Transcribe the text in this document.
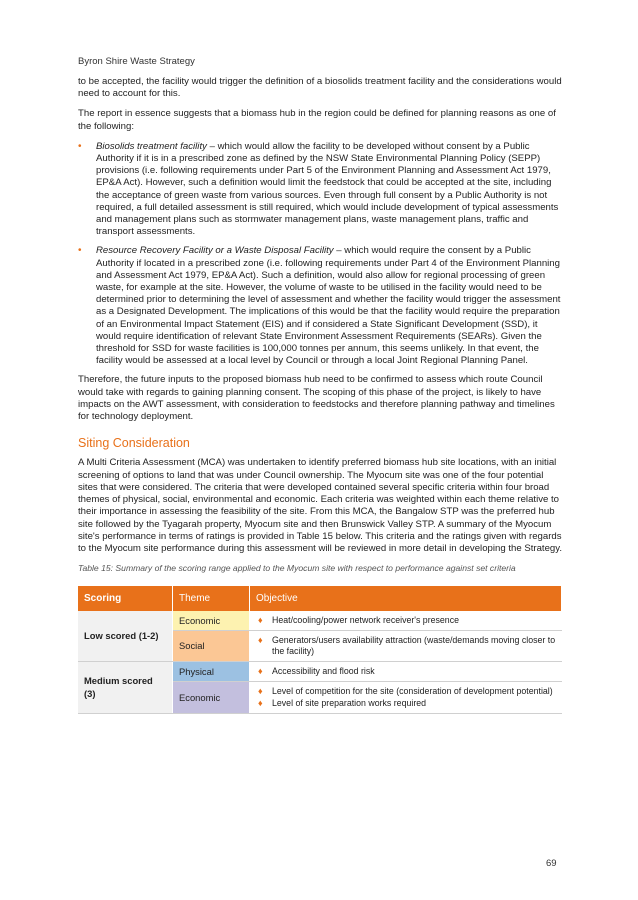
Byron Shire Waste Strategy

to be accepted, the facility would trigger the definition of a biosolids treatment facility and the considerations would need to account for this.

The report in essence suggests that a biomass hub in the region could be defined for planning reasons as one of the following:

• Biosolids treatment facility – which would allow the facility to be developed without consent by a Public Authority if it is in a prescribed zone as defined by the NSW State Environmental Planning Policy (SEPP) provisions (i.e. following requirements under Part 5 of the Environment Planning and Assessment Act 1979, EP&A Act). However, such a definition would limit the feedstock that could be accepted at the site, including the acceptance of green waste from various sources. Even through full consent by a Public Authority is not required, a full detailed assessment is still required, which would include development of typical assessments and management plans such as stormwater management plans, waste management plans, traffic and transport assessments.
• Resource Recovery Facility or a Waste Disposal Facility – which would require the consent by a Public Authority if located in a prescribed zone (i.e. following requirements under Part 4 of the Environment Planning and Assessment Act 1979, EP&A Act). Such a definition, would also allow for regional processing of green waste, for example at the site. However, the volume of waste to be utilised in the facility would need to be determined prior to determining the level of assessment and whether the facility would trigger the assessment as a Designated Development. The implications of this would be that the facility would require the preparation of an Environmental Impact Statement (EIS) and if considered a State Significant Development (SSD), it would require identification of relevant State Environment Assessment Requirements (SEARs). Given the threshold for SSD for waste facilities is 100,000 tonnes per annum, this seems unlikely. In that event, the facility would be assessed at a local level by Council or through a local Joint Regional Planning Panel.

Therefore, the future inputs to the proposed biomass hub need to be confirmed to assess which route Council would take with regards to gaining planning consent. The scoping of this phase of the project, is likely to have impacts on the AWT assessment, with consideration to feedstocks and therefore planning pathway and timelines for technology deployment.

Siting Consideration

A Multi Criteria Assessment (MCA) was undertaken to identify preferred biomass hub site locations, with an initial screening of options to land that was under Council ownership. The Myocum site was one of the four potential sites that were considered. The criteria that were developed contained several specific criteria within four broad themes of physical, social, environmental and economic. Each criteria was weighted within each theme relative to their importance in assessing the feasibility of the site. From this MCA, the Bangalow STP was the preferred hub site followed by the Tyagarah property, Myocum site and then Brunswick Valley STP. A summary of the Myocum site's performance in terms of ratings is provided in Table 15 below. This criteria and the ratings given with regards to the Myocum site performance during this assessment will be reviewed in more detail in developing the Strategy.

Table 15: Summary of the scoring range applied to the Myocum site with respect to performance against set criteria
Scoring	Theme	Objective
Low scored (1-2)	Economic	♦ Heat/cooling/power network receiver's presence

	Social	♦ Generators/users availability attraction (waste/demands moving closer to the facility)

Medium scored (3)	Physical	♦ Accessibility and flood risk

	Economic	♦ Level of competition for the site (consideration of development potential)
♦ Level of site preparation works required
69
